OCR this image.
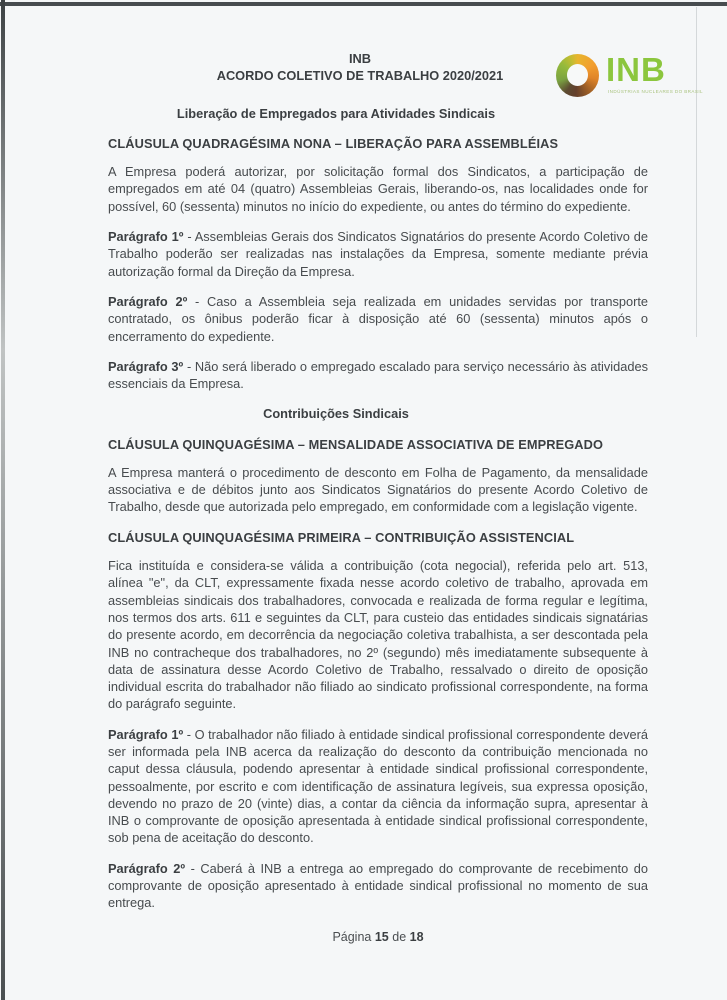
INB
INDÚSTRIAS NUCLEARES DO BRASIL
INB
ACORDO COLETIVO DE TRABALHO 2020/2021
Liberação de Empregados para Atividades Sindicais
CLÁUSULA QUADRAGÉSIMA NONA – LIBERAÇÃO PARA ASSEMBLÉIAS

A Empresa poderá autorizar, por solicitação formal dos Sindicatos, a participação de empregados em até 04 (quatro) Assembleias Gerais, liberando-os, nas localidades onde for possível, 60 (sessenta) minutos no início do expediente, ou antes do término do expediente.

Parágrafo 1º - Assembleias Gerais dos Sindicatos Signatários do presente Acordo Coletivo de Trabalho poderão ser realizadas nas instalações da Empresa, somente mediante prévia autorização formal da Direção da Empresa.

Parágrafo 2º - Caso a Assembleia seja realizada em unidades servidas por transporte contratado, os ônibus poderão ficar à disposição até 60 (sessenta) minutos após o encerramento do expediente.

Parágrafo 3º - Não será liberado o empregado escalado para serviço necessário às atividades essenciais da Empresa.

Contribuições Sindicais
CLÁUSULA QUINQUAGÉSIMA – MENSALIDADE ASSOCIATIVA DE EMPREGADO

A Empresa manterá o procedimento de desconto em Folha de Pagamento, da mensalidade associativa e de débitos junto aos Sindicatos Signatários do presente Acordo Coletivo de Trabalho, desde que autorizada pelo empregado, em conformidade com a legislação vigente.

CLÁUSULA QUINQUAGÉSIMA PRIMEIRA – CONTRIBUIÇÃO ASSISTENCIAL

Fica instituída e considera-se válida a contribuição (cota negocial), referida pelo art. 513, alínea "e", da CLT, expressamente fixada nesse acordo coletivo de trabalho, aprovada em assembleias sindicais dos trabalhadores, convocada e realizada de forma regular e legítima, nos termos dos arts. 611 e seguintes da CLT, para custeio das entidades sindicais signatárias do presente acordo, em decorrência da negociação coletiva trabalhista, a ser descontada pela INB no contracheque dos trabalhadores, no 2º (segundo) mês imediatamente subsequente à data de assinatura desse Acordo Coletivo de Trabalho, ressalvado o direito de oposição individual escrita do trabalhador não filiado ao sindicato profissional correspondente, na forma do parágrafo seguinte.

Parágrafo 1º - O trabalhador não filiado à entidade sindical profissional correspondente deverá ser informada pela INB acerca da realização do desconto da contribuição mencionada no caput dessa cláusula, podendo apresentar à entidade sindical profissional correspondente, pessoalmente, por escrito e com identificação de assinatura legíveis, sua expressa oposição, devendo no prazo de 20 (vinte) dias, a contar da ciência da informação supra, apresentar à INB o comprovante de oposição apresentada à entidade sindical profissional correspondente, sob pena de aceitação do desconto.

Parágrafo 2º - Caberá à INB a entrega ao empregado do comprovante de recebimento do comprovante de oposição apresentado à entidade sindical profissional no momento de sua entrega.

Página 15 de 18
